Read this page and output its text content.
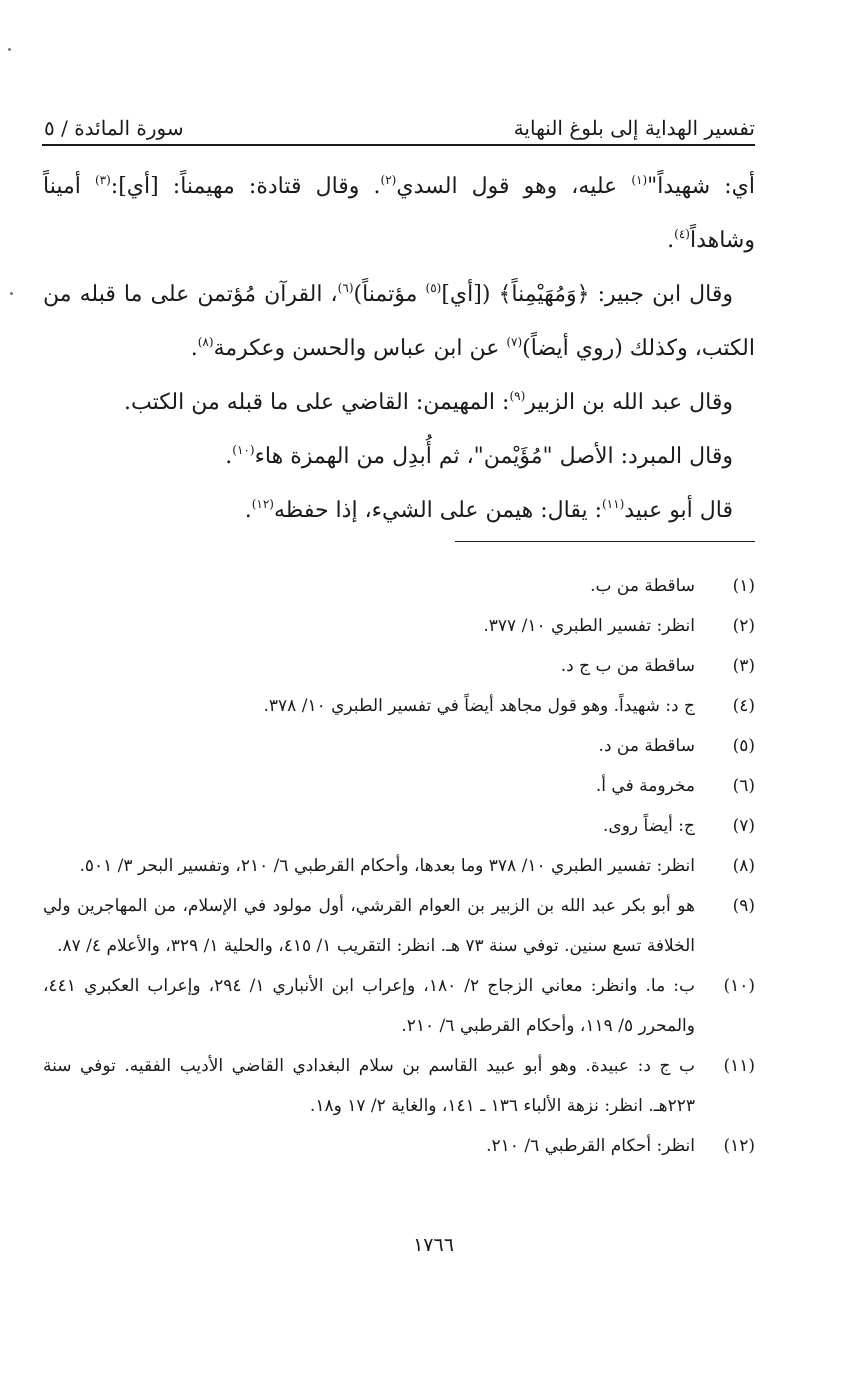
تفسير الهداية إلى بلوغ النهاية
سورة المائدة / ٥

أي: شهيداً"$^{(١)}$ عليه، وهو قول السدي$^{(٢)}$. وقال قتادة: مهيمناً: [أي]:$^{(٣)}$ أميناً وشاهداً$^{(٤)}$.

وقال ابن جبير: ﴿وَمُهَيْمِناً﴾ ([أي]$^{(٥)}$ مؤتمناً)$^{(٦)}$، القرآن مُؤتمن على ما قبله من الكتب، وكذلك (روي أيضاً)$^{(٧)}$ عن ابن عباس والحسن وعكرمة$^{(٨)}$.

وقال عبد الله بن الزبير$^{(٩)}$: المهيمن: القاضي على ما قبله من الكتب.

وقال المبرد: الأصل "مُؤَيْمن"، ثم أُبدِل من الهمزة هاء$^{(١٠)}$.

قال أبو عبيد$^{(١١)}$: يقال: هيمن على الشيء، إذا حفظه$^{(١٢)}$.

(١)
ساقطة من ب.
(٢)
انظر: تفسير الطبري ١٠/ ٣٧٧.
(٣)
ساقطة من ب ج د.
(٤)
ج د: شهيداً. وهو قول مجاهد أيضاً في تفسير الطبري ١٠/ ٣٧٨.
(٥)
ساقطة من د.
(٦)
مخرومة في أ.
(٧)
ج: أيضاً روى.
(٨)
انظر: تفسير الطبري ١٠/ ٣٧٨ وما بعدها، وأحكام القرطبي ٦/ ٢١٠، وتفسير البحر ٣/ ٥٠١.
(٩)
هو أبو بكر عبد الله بن الزبير بن العوام القرشي، أول مولود في الإسلام، من المهاجرين ولي الخلافة تسع سنين. توفي سنة ٧٣ هـ. انظر: التقريب ١/ ٤١٥، والحلية ١/ ٣٢٩، والأعلام ٤/ ٨٧.
(١٠)
ب: ما. وانظر: معاني الزجاج ٢/ ١٨٠، وإعراب ابن الأنباري ١/ ٢٩٤، وإعراب العكبري ٤٤١، والمحرر ٥/ ١١٩، وأحكام القرطبي ٦/ ٢١٠.
(١١)
ب ج د: عبيدة. وهو أبو عبيد القاسم بن سلام البغدادي القاضي الأديب الفقيه. توفي سنة ٢٢٣هـ. انظر: نزهة الألباء ١٣٦ ـ ١٤١، والغاية ٢/ ١٧ و١٨.
(١٢)
انظر: أحكام القرطبي ٦/ ٢١٠.
١٧٦٦
